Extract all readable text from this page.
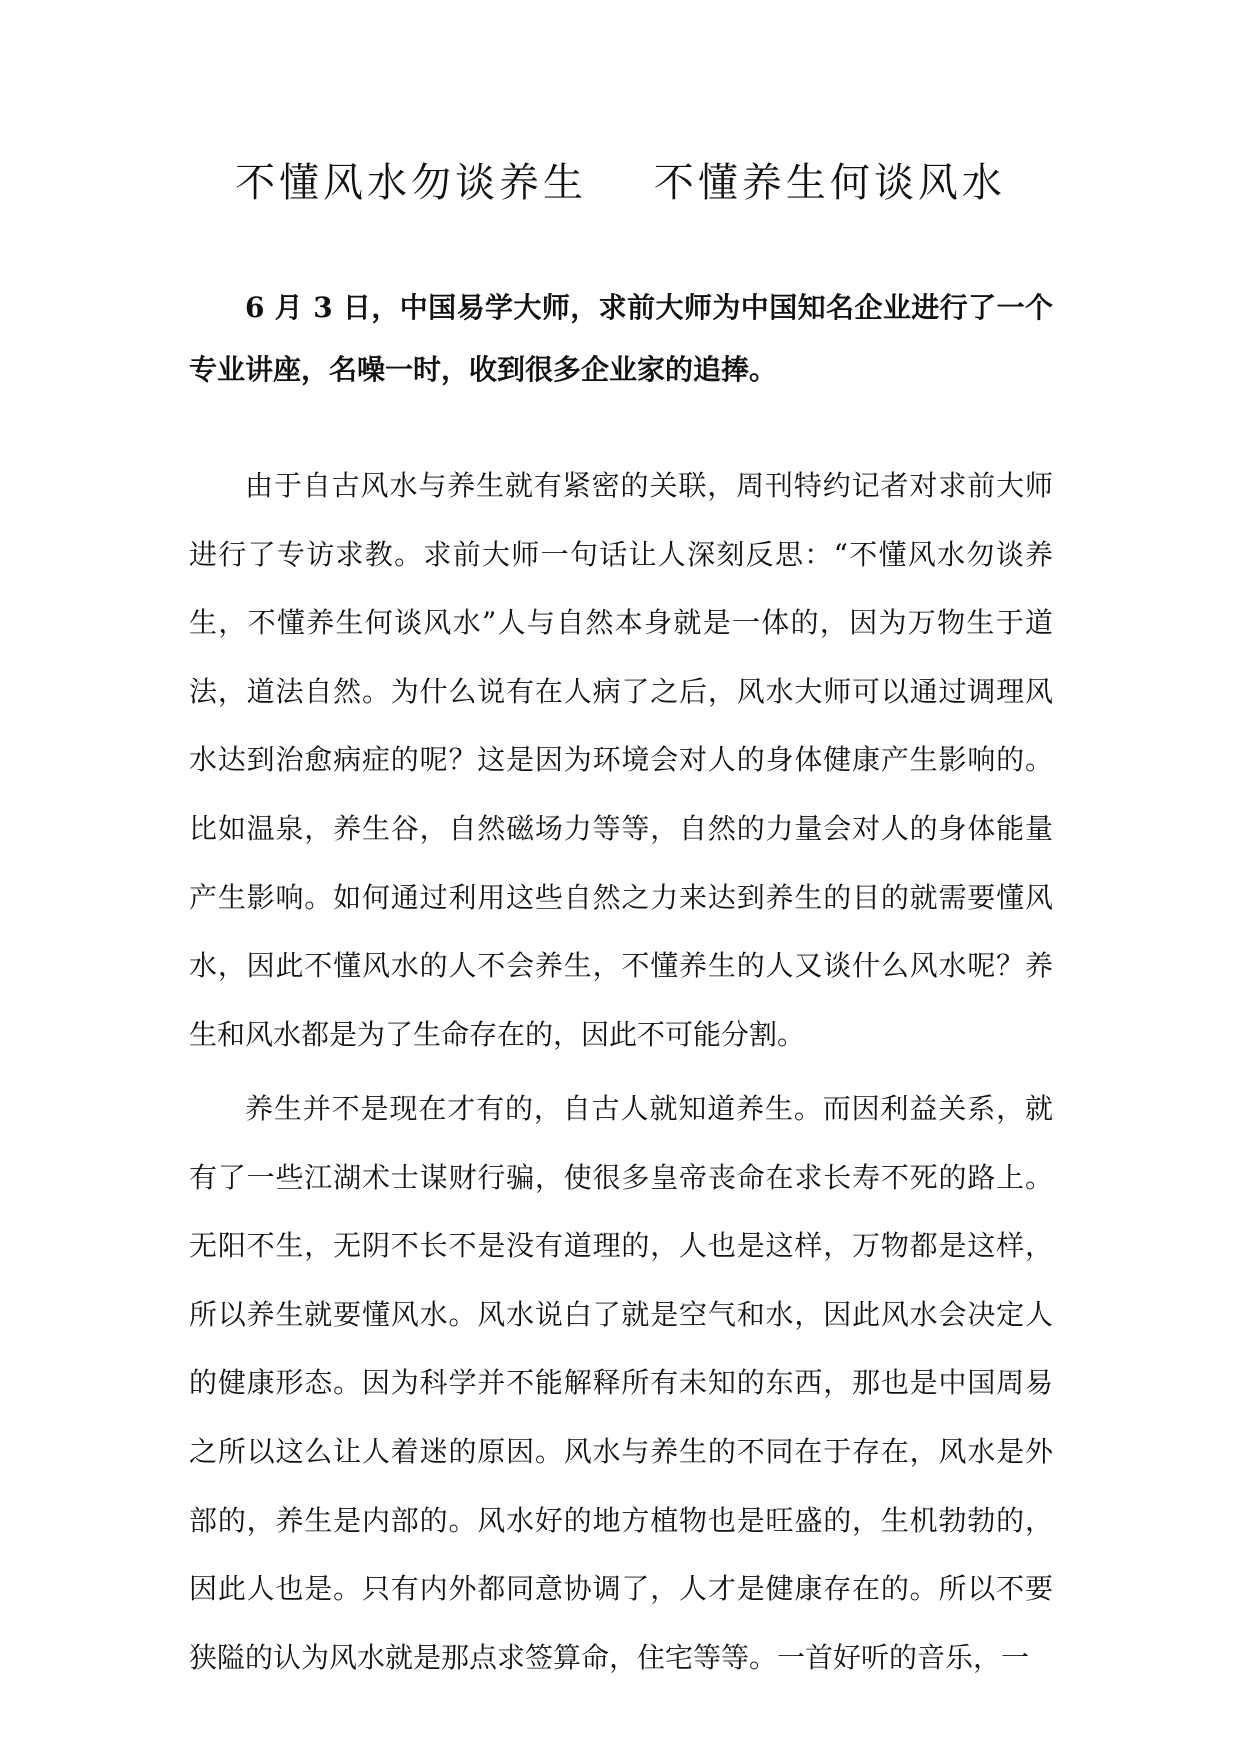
不懂风水勿谈养生    不懂养生何谈风水

6 月 3 日，中国易学大师，求前大师为中国知名企业进行了一个专业讲座，名噪一时，收到很多企业家的追捧。

由于自古风水与养生就有紧密的关联，周刊特约记者对求前大师进行了专访求教。求前大师一句话让人深刻反思：“不懂风水勿谈养生，不懂养生何谈风水”人与自然本身就是一体的，因为万物生于道法，道法自然。为什么说有在人病了之后，风水大师可以通过调理风水达到治愈病症的呢？这是因为环境会对人的身体健康产生影响的。比如温泉，养生谷，自然磁场力等等，自然的力量会对人的身体能量产生影响。如何通过利用这些自然之力来达到养生的目的就需要懂风水，因此不懂风水的人不会养生，不懂养生的人又谈什么风水呢？养生和风水都是为了生命存在的，因此不可能分割。

养生并不是现在才有的，自古人就知道养生。而因利益关系，就有了一些江湖术士谋财行骗，使很多皇帝丧命在求长寿不死的路上。无阳不生，无阴不长不是没有道理的，人也是这样，万物都是这样，所以养生就要懂风水。风水说白了就是空气和水，因此风水会决定人的健康形态。因为科学并不能解释所有未知的东西，那也是中国周易之所以这么让人着迷的原因。风水与养生的不同在于存在，风水是外部的，养生是内部的。风水好的地方植物也是旺盛的，生机勃勃的，因此人也是。只有内外都同意协调了，人才是健康存在的。所以不要狭隘的认为风水就是那点求签算命，住宅等等。一首好听的音乐，一
